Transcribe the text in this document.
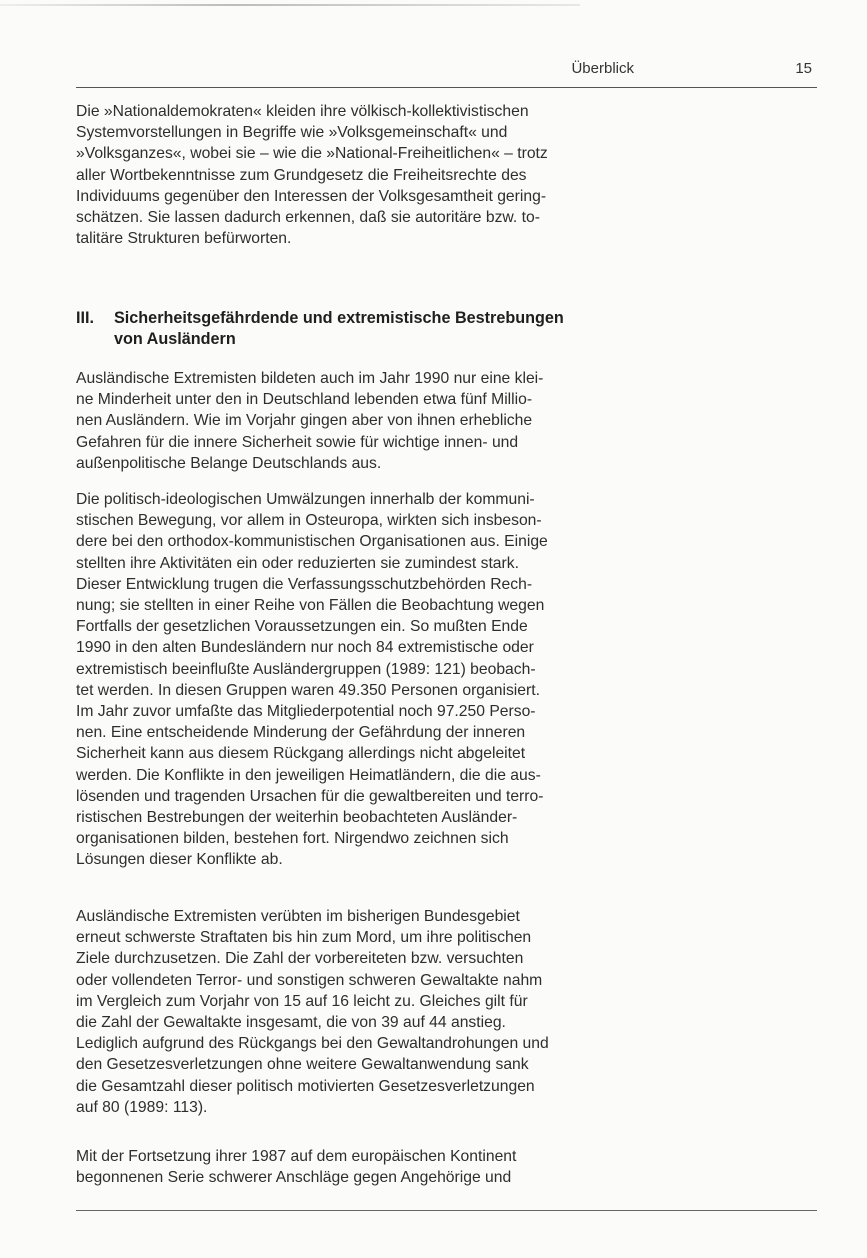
Überblick	15
Die »Nationaldemokraten« kleiden ihre völkisch-kollektivistischen
Systemvorstellungen in Begriffe wie »Volksgemeinschaft« und
»Volksganzes«, wobei sie – wie die »National-Freiheitlichen« – trotz
aller Wortbekenntnisse zum Grundgesetz die Freiheitsrechte des
Individuums gegenüber den Interessen der Volksgesamtheit gering-
schätzen. Sie lassen dadurch erkennen, daß sie autoritäre bzw. to-
talitäre Strukturen befürworten.
III. Sicherheitsgefährdende und extremistische Bestrebungen
von Ausländern
Ausländische Extremisten bildeten auch im Jahr 1990 nur eine klei-
ne Minderheit unter den in Deutschland lebenden etwa fünf Millio-
nen Ausländern. Wie im Vorjahr gingen aber von ihnen erhebliche
Gefahren für die innere Sicherheit sowie für wichtige innen- und
außenpolitische Belange Deutschlands aus.
Die politisch-ideologischen Umwälzungen innerhalb der kommuni-
stischen Bewegung, vor allem in Osteuropa, wirkten sich insbeson-
dere bei den orthodox-kommunistischen Organisationen aus. Einige
stellten ihre Aktivitäten ein oder reduzierten sie zumindest stark.
Dieser Entwicklung trugen die Verfassungsschutzbehörden Rech-
nung; sie stellten in einer Reihe von Fällen die Beobachtung wegen
Fortfalls der gesetzlichen Voraussetzungen ein. So mußten Ende
1990 in den alten Bundesländern nur noch 84 extremistische oder
extremistisch beeinflußte Ausländergruppen (1989: 121) beobach-
tet werden. In diesen Gruppen waren 49.350 Personen organisiert.
Im Jahr zuvor umfaßte das Mitgliederpotential noch 97.250 Perso-
nen. Eine entscheidende Minderung der Gefährdung der inneren
Sicherheit kann aus diesem Rückgang allerdings nicht abgeleitet
werden. Die Konflikte in den jeweiligen Heimatländern, die die aus-
lösenden und tragenden Ursachen für die gewaltbereiten und terro-
ristischen Bestrebungen der weiterhin beobachteten Ausländer-
organisationen bilden, bestehen fort. Nirgendwo zeichnen sich
Lösungen dieser Konflikte ab.
Ausländische Extremisten verübten im bisherigen Bundesgebiet
erneut schwerste Straftaten bis hin zum Mord, um ihre politischen
Ziele durchzusetzen. Die Zahl der vorbereiteten bzw. versuchten
oder vollendeten Terror- und sonstigen schweren Gewaltakte nahm
im Vergleich zum Vorjahr von 15 auf 16 leicht zu. Gleiches gilt für
die Zahl der Gewaltakte insgesamt, die von 39 auf 44 anstieg.
Lediglich aufgrund des Rückgangs bei den Gewaltandrohungen und
den Gesetzesverletzungen ohne weitere Gewaltanwendung sank
die Gesamtzahl dieser politisch motivierten Gesetzesverletzungen
auf 80 (1989: 113).
Mit der Fortsetzung ihrer 1987 auf dem europäischen Kontinent
begonnenen Serie schwerer Anschläge gegen Angehörige und
